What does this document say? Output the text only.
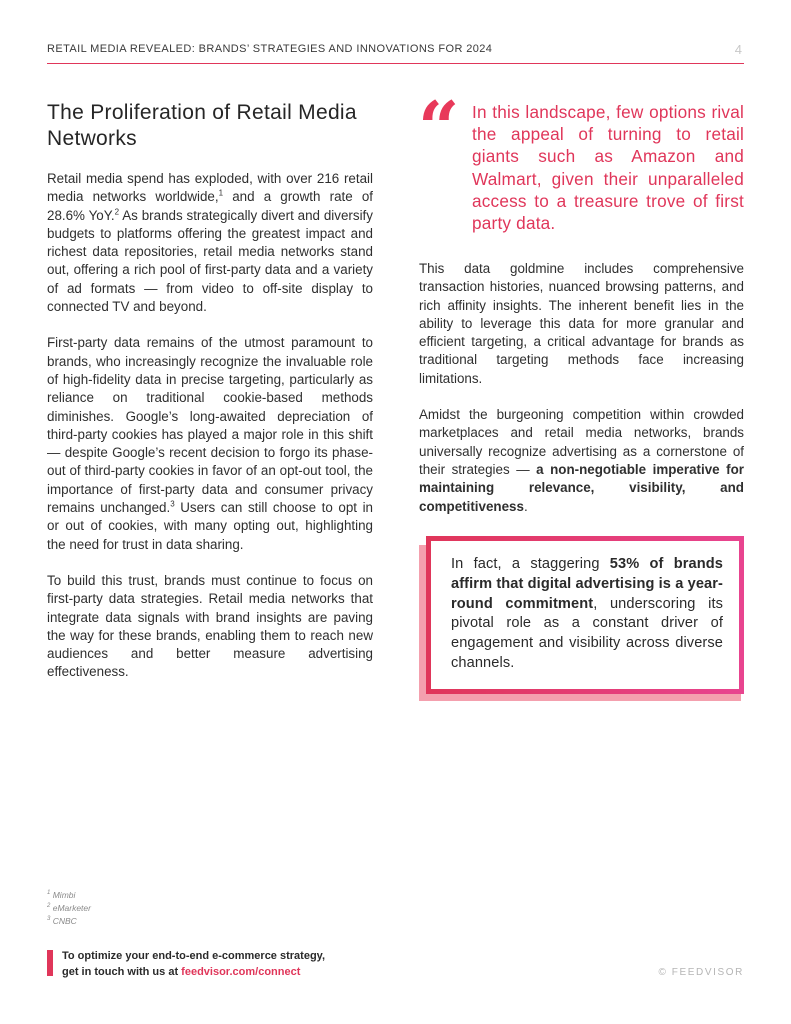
RETAIL MEDIA REVEALED: BRANDS’ STRATEGIES AND INNOVATIONS FOR 2024	4
The Proliferation of Retail Media Networks

Retail media spend has exploded, with over 216 retail media networks worldwide,$^1$ and a growth rate of 28.6% YoY.$^2$ As brands strategically divert and diversify budgets to platforms offering the greatest impact and richest data repositories, retail media networks stand out, offering a rich pool of first-party data and a variety of ad formats — from video to off-site display to connected TV and beyond.

First-party data remains of the utmost paramount to brands, who increasingly recognize the invaluable role of high-fidelity data in precise targeting, particularly as reliance on traditional cookie-based methods diminishes. Google’s long-awaited depreciation of third-party cookies has played a major role in this shift — despite Google’s recent decision to forgo its phase-out of third-party cookies in favor of an opt-out tool, the importance of first-party data and consumer privacy remains unchanged.$^3$ Users can still choose to opt in or out of cookies, with many opting out, highlighting the need for trust in data sharing.

To build this trust, brands must continue to focus on first-party data strategies. Retail media networks that integrate data signals with brand insights are paving the way for these brands, enabling them to reach new audiences and better measure advertising effectiveness.

“ In this landscape, few options rival the appeal of turning to retail giants such as Amazon and Walmart, given their unparalleled access to a treasure trove of first party data.

This data goldmine includes comprehensive transaction histories, nuanced browsing patterns, and rich affinity insights. The inherent benefit lies in the ability to leverage this data for more granular and efficient targeting, a critical advantage for brands as traditional targeting methods face increasing limitations.

Amidst the burgeoning competition within crowded marketplaces and retail media networks, brands universally recognize advertising as a cornerstone of their strategies — a non-negotiable imperative for maintaining relevance, visibility, and competitiveness.

In fact, a staggering 53% of brands affirm that digital advertising is a year-round commitment, underscoring its pivotal role as a constant driver of engagement and visibility across diverse channels.
$^1$ Mimbi
$^2$ eMarketer
$^3$ CNBC
To optimize your end-to-end e-commerce strategy,
get in touch with us at feedvisor.com/connect	© FEEDVISOR
